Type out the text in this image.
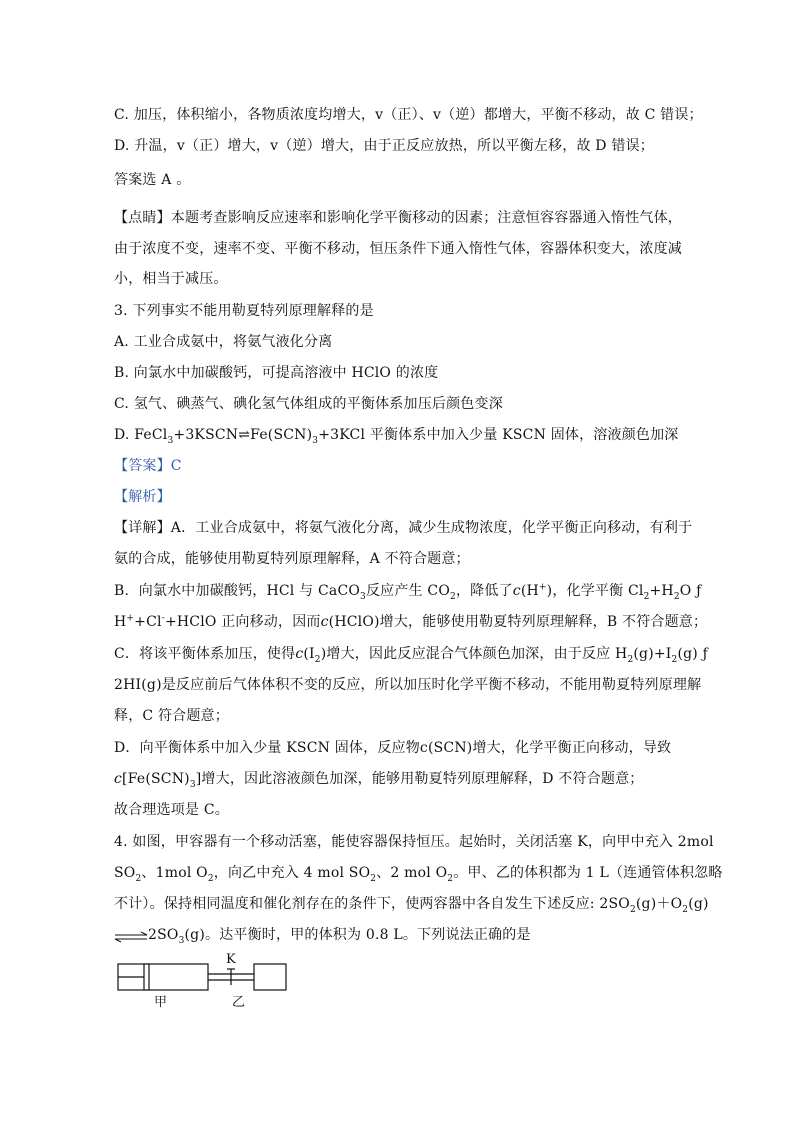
C. 加压，体积缩小，各物质浓度均增大，v（正）、v（逆）都增大，平衡不移动，故 C 错误；
D. 升温，v（正）增大，v（逆）增大，由于正反应放热，所以平衡左移，故 D 错误；
答案选 A 。
【点睛】本题考查影响反应速率和影响化学平衡移动的因素；注意恒容容器通入惰性气体，
由于浓度不变，速率不变、平衡不移动，恒压条件下通入惰性气体，容器体积变大，浓度减
小，相当于减压。
3. 下列事实不能用勒夏特列原理解释的是
A. 工业合成氨中，将氨气液化分离
B. 向氯水中加碳酸钙，可提高溶液中 HClO 的浓度
C. 氢气、碘蒸气、碘化氢气体组成的平衡体系加压后颜色变深
D. $FeCl_3+3KSCN\rightleftharpoons Fe(SCN)_3+3KCl$ 平衡体系中加入少量 KSCN 固体，溶液颜色加深
【答案】C
【解析】
【详解】A．工业合成氨中，将氨气液化分离，减少生成物浓度，化学平衡正向移动，有利于
氨的合成，能够使用勒夏特列原理解释，A 不符合题意；
B．向氯水中加碳酸钙，HCl 与 CaCO$_3$反应产生 $CO_2$，降低了c(H+)，化学平衡 $Cl_2+H_2O$ ƒ
H++Cl-+HClO 正向移动，因而c(HClO)增大，能够使用勒夏特列原理解释，B 不符合题意；
C．将该平衡体系加压，使得$c(I_2)$增大，因此反应混合气体颜色加深，由于反应 $H_2(g)+I_2(g)$ ƒ
2HI(g)是反应前后气体体积不变的反应，所以加压时化学平衡不移动，不能用勒夏特列原理解
释，C 符合题意；
D．向平衡体系中加入少量 KSCN 固体，反应物c(SCN)增大，化学平衡正向移动，导致
$c[Fe(SCN)_3]$增大，因此溶液颜色加深，能够用勒夏特列原理解释，D 不符合题意；
故合理选项是 C。
4. 如图，甲容器有一个移动活塞，能使容器保持恒压。起始时，关闭活塞 K，向甲中充入 2mol
$SO_2$、1mol $O_2$，向乙中充入 4 mol $SO_2$、2 mol $O_2$。甲、乙的体积都为 1 L（连通管体积忽略
不计）。保持相同温度和催化剂存在的条件下，使两容器中各自发生下述反应: $2SO_2(g)+O_2(g)$
$\rightleftharpoons 2SO_3(g)$。达平衡时，甲的体积为 0.8 L。下列说法正确的是
K
甲	乙
